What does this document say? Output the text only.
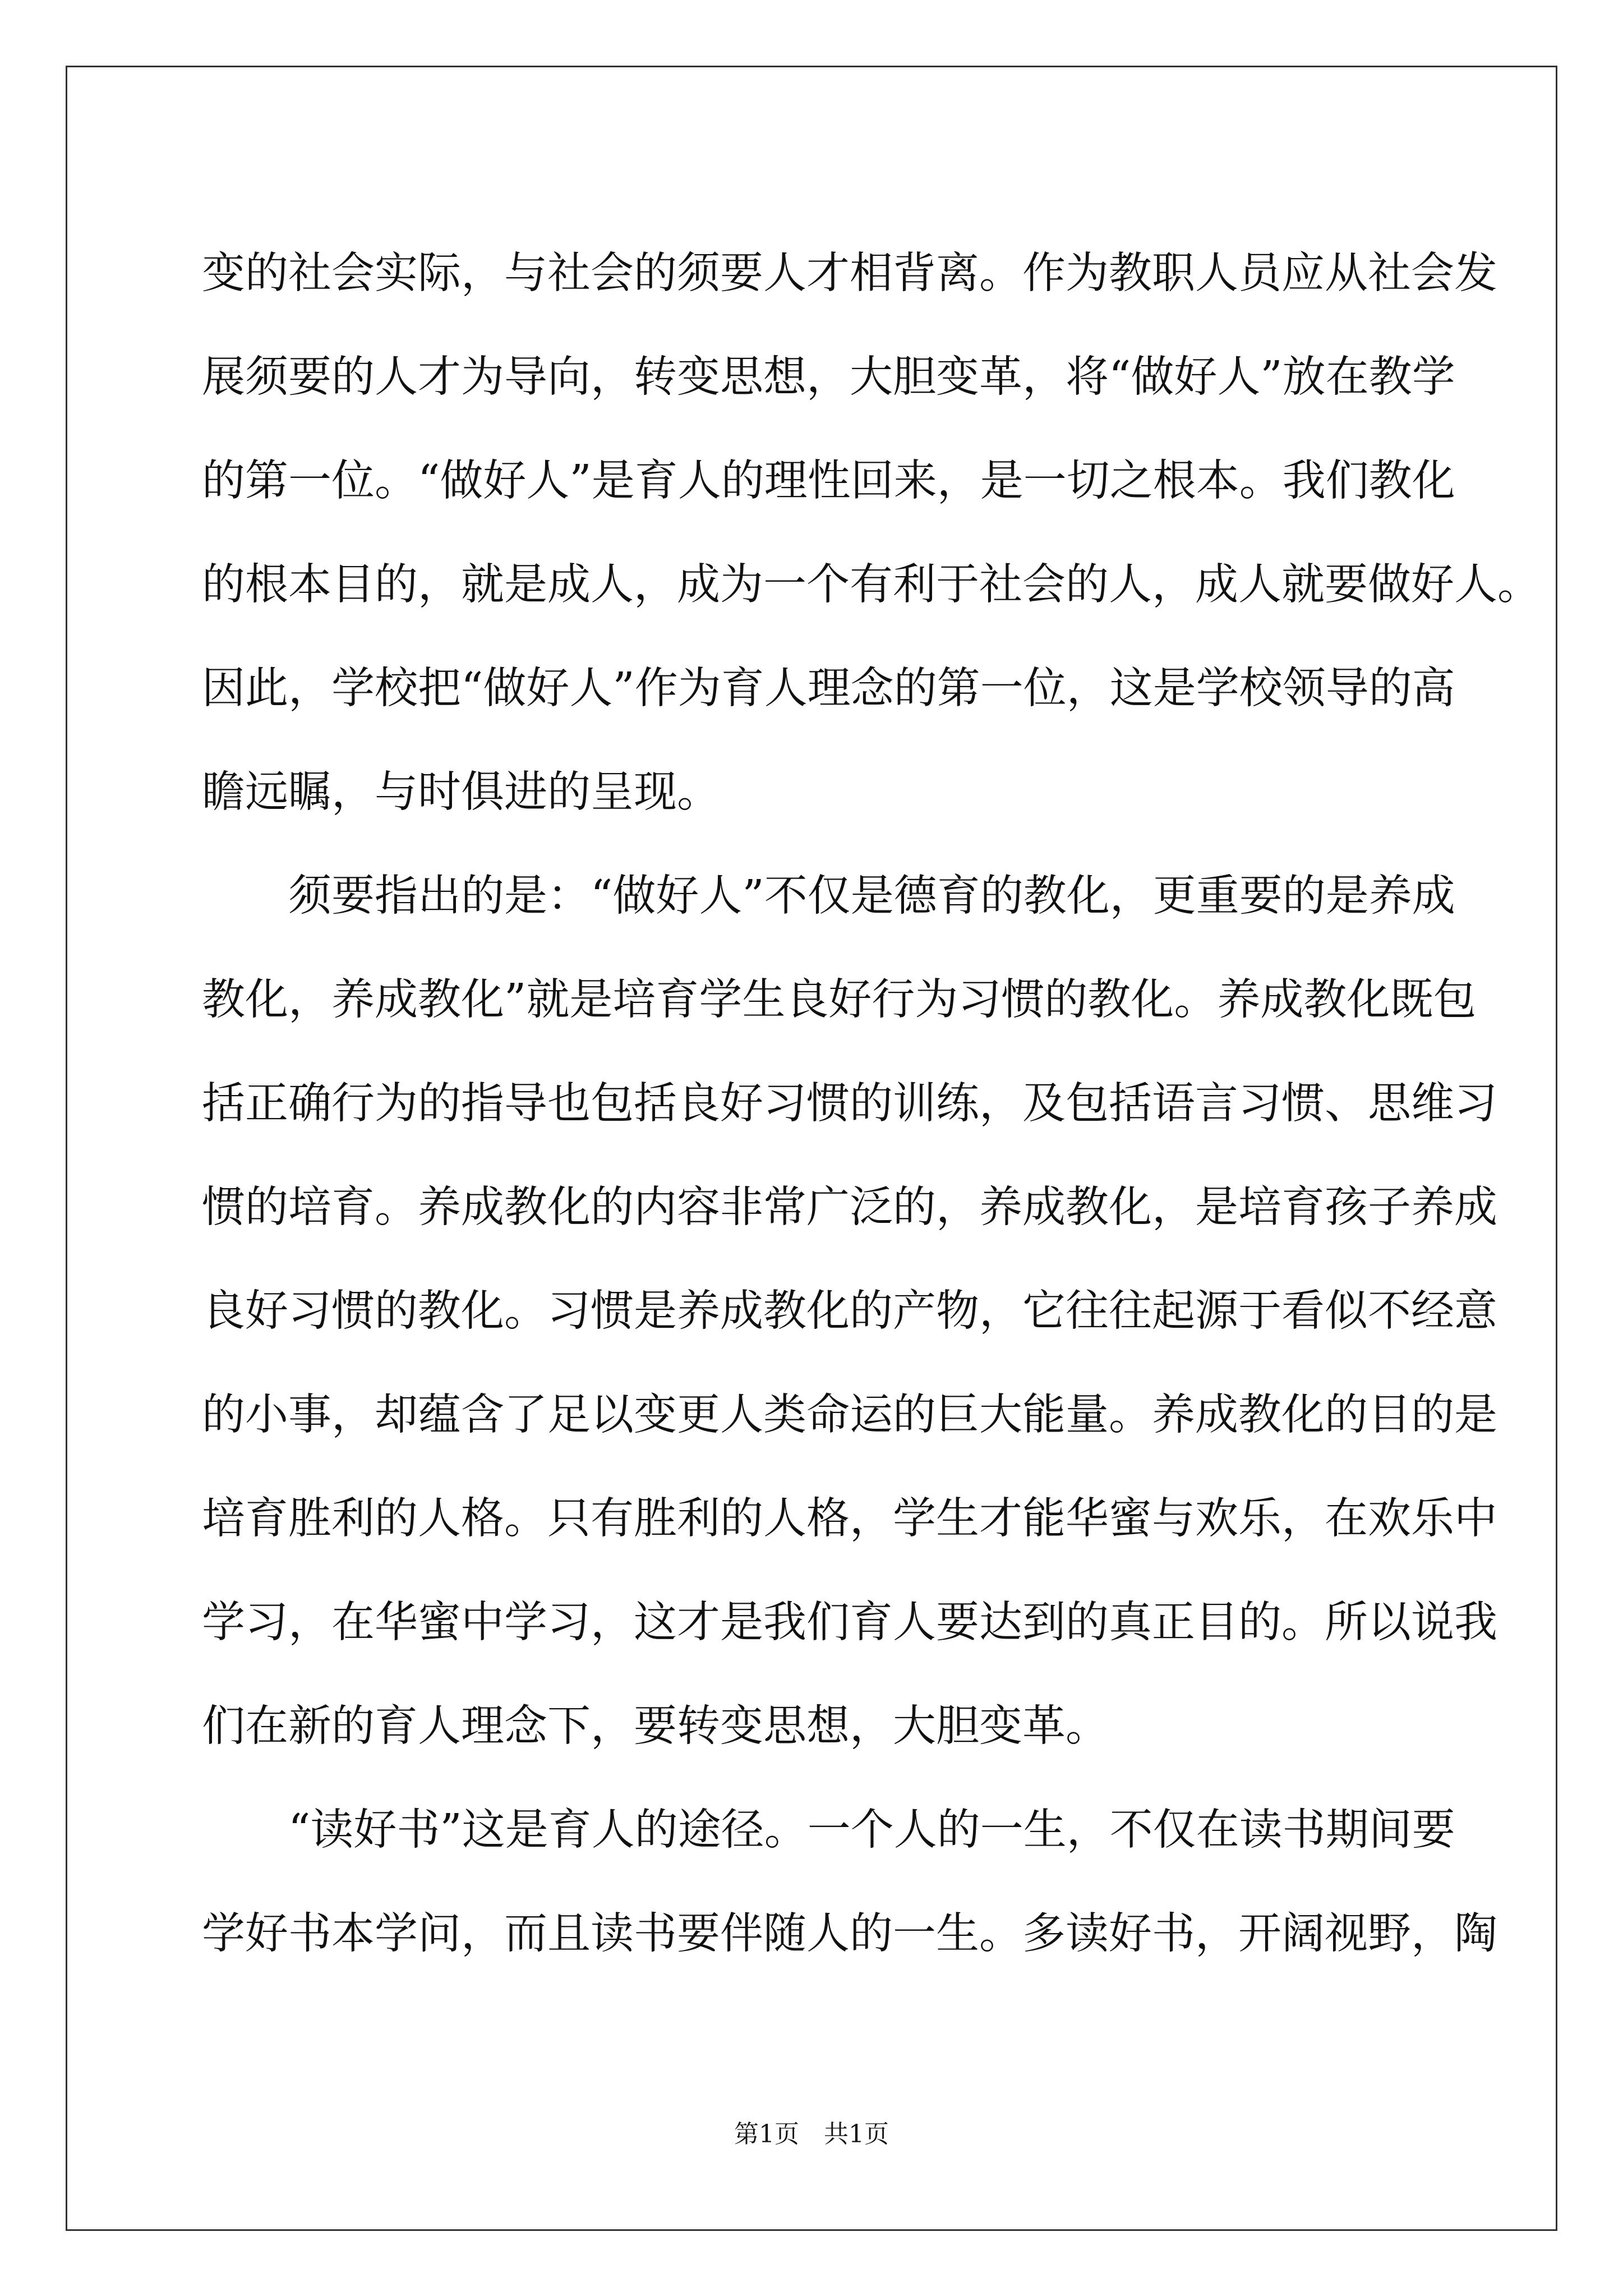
变的社会实际，与社会的须要人才相背离。作为教职人员应从社会发
展须要的人才为导向，转变思想，大胆变革，将“做好人”放在教学
的第一位。“做好人”是育人的理性回来，是一切之根本。我们教化
的根本目的，就是成人，成为一个有利于社会的人，成人就要做好人。
因此，学校把“做好人”作为育人理念的第一位，这是学校领导的高
瞻远瞩，与时俱进的呈现。
　　须要指出的是：“做好人”不仅是德育的教化，更重要的是养成
教化，养成教化”就是培育学生良好行为习惯的教化。养成教化既包
括正确行为的指导也包括良好习惯的训练，及包括语言习惯、思维习
惯的培育。养成教化的内容非常广泛的，养成教化，是培育孩子养成
良好习惯的教化。习惯是养成教化的产物，它往往起源于看似不经意
的小事，却蕴含了足以变更人类命运的巨大能量。养成教化的目的是
培育胜利的人格。只有胜利的人格，学生才能华蜜与欢乐，在欢乐中
学习，在华蜜中学习，这才是我们育人要达到的真正目的。所以说我
们在新的育人理念下，要转变思想，大胆变革。
　　“读好书”这是育人的途径。一个人的一生，不仅在读书期间要
学好书本学问，而且读书要伴随人的一生。多读好书，开阔视野，陶
第1页　共1页
